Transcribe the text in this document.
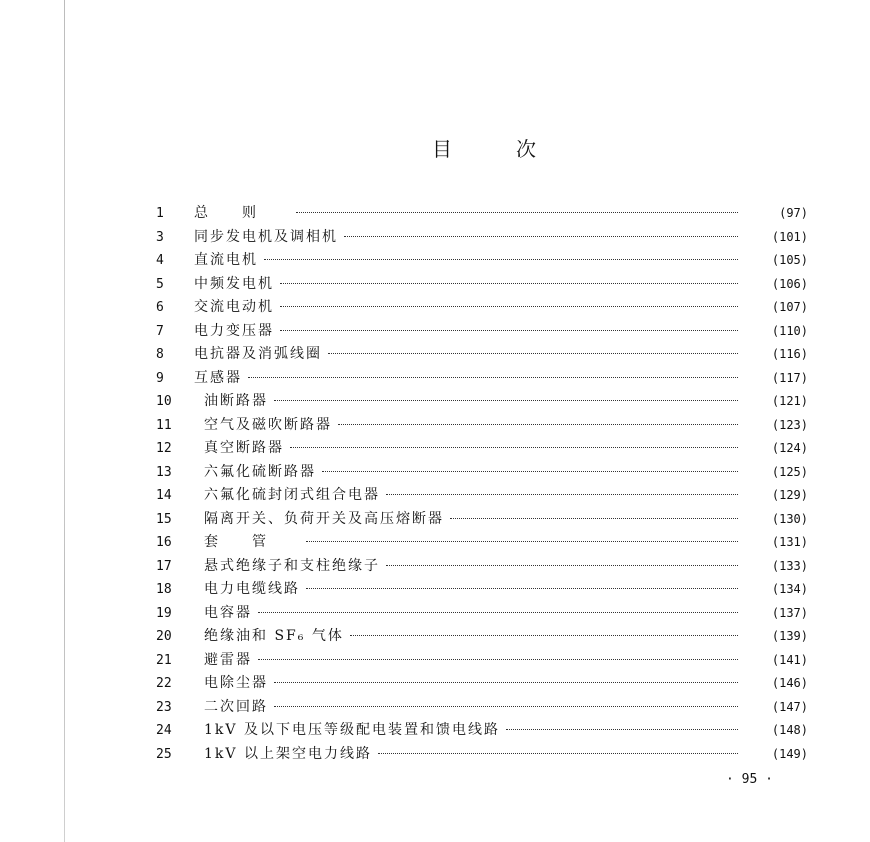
目	次
1	总则	(97)
3	同步发电机及调相机	(101)
4	直流电机	(105)
5	中频发电机	(106)
6	交流电动机	(107)
7	电力变压器	(110)
8	电抗器及消弧线圈	(116)
9	互感器	(117)
10	油断路器	(121)
11	空气及磁吹断路器	(123)
12	真空断路器	(124)
13	六氟化硫断路器	(125)
14	六氟化硫封闭式组合电器	(129)
15	隔离开关、负荷开关及高压熔断器	(130)
16	套管	(131)
17	悬式绝缘子和支柱绝缘子	(133)
18	电力电缆线路	(134)
19	电容器	(137)
20	绝缘油和 SF₆ 气体	(139)
21	避雷器	(141)
22	电除尘器	(146)
23	二次回路	(147)
24	1kV 及以下电压等级配电装置和馈电线路	(148)
25	1kV 以上架空电力线路	(149)
· 95 ·
